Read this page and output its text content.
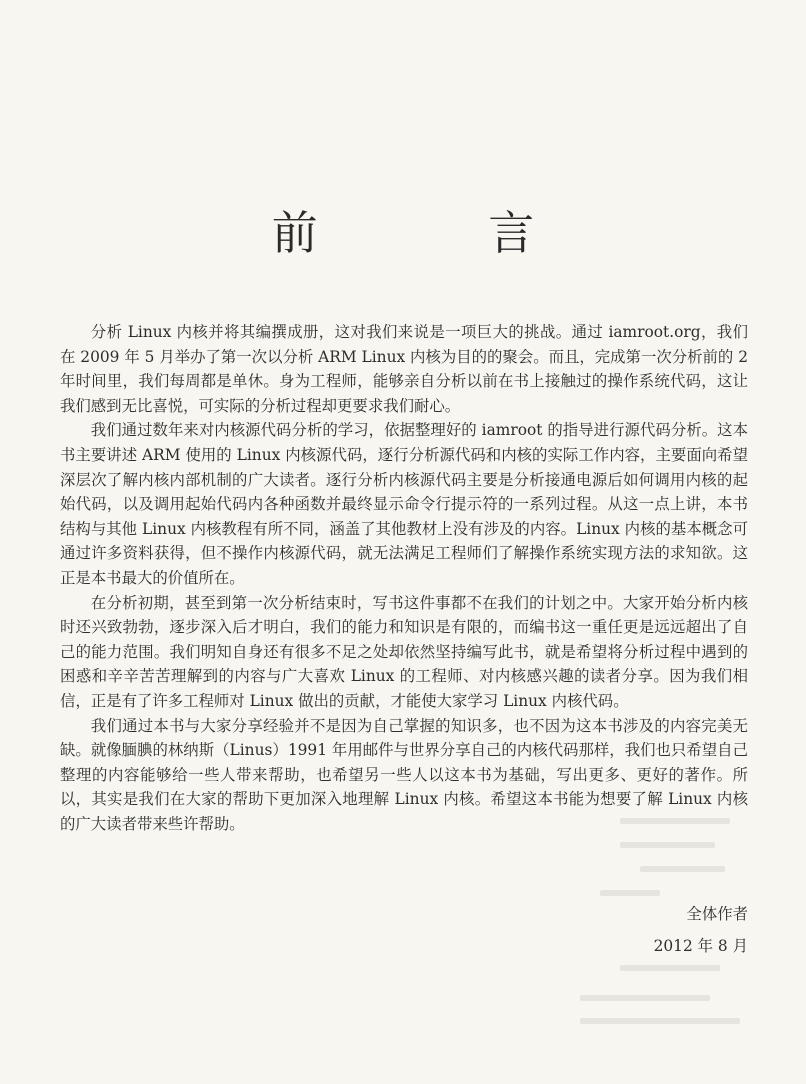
前 言

分析 Linux 内核并将其编撰成册，这对我们来说是一项巨大的挑战。通过 iamroot.org，我们在 2009 年 5 月举办了第一次以分析 ARM Linux 内核为目的的聚会。而且，完成第一次分析前的 2 年时间里，我们每周都是单休。身为工程师，能够亲自分析以前在书上接触过的操作系统代码，这让我们感到无比喜悦，可实际的分析过程却更要求我们耐心。

我们通过数年来对内核源代码分析的学习，依据整理好的 iamroot 的指导进行源代码分析。这本书主要讲述 ARM 使用的 Linux 内核源代码，逐行分析源代码和内核的实际工作内容，主要面向希望深层次了解内核内部机制的广大读者。逐行分析内核源代码主要是分析接通电源后如何调用内核的起始代码，以及调用起始代码内各种函数并最终显示命令行提示符的一系列过程。从这一点上讲，本书结构与其他 Linux 内核教程有所不同，涵盖了其他教材上没有涉及的内容。Linux 内核的基本概念可通过许多资料获得，但不操作内核源代码，就无法满足工程师们了解操作系统实现方法的求知欲。这正是本书最大的价值所在。

在分析初期，甚至到第一次分析结束时，写书这件事都不在我们的计划之中。大家开始分析内核时还兴致勃勃，逐步深入后才明白，我们的能力和知识是有限的，而编书这一重任更是远远超出了自己的能力范围。我们明知自身还有很多不足之处却依然坚持编写此书，就是希望将分析过程中遇到的困惑和辛辛苦苦理解到的内容与广大喜欢 Linux 的工程师、对内核感兴趣的读者分享。因为我们相信，正是有了许多工程师对 Linux 做出的贡献，才能使大家学习 Linux 内核代码。

我们通过本书与大家分享经验并不是因为自己掌握的知识多，也不因为这本书涉及的内容完美无缺。就像腼腆的林纳斯（Linus）1991 年用邮件与世界分享自己的内核代码那样，我们也只希望自己整理的内容能够给一些人带来帮助，也希望另一些人以这本书为基础，写出更多、更好的著作。所以，其实是我们在大家的帮助下更加深入地理解 Linux 内核。希望这本书能为想要了解 Linux 内核的广大读者带来些许帮助。

全体作者
2012 年 8 月
